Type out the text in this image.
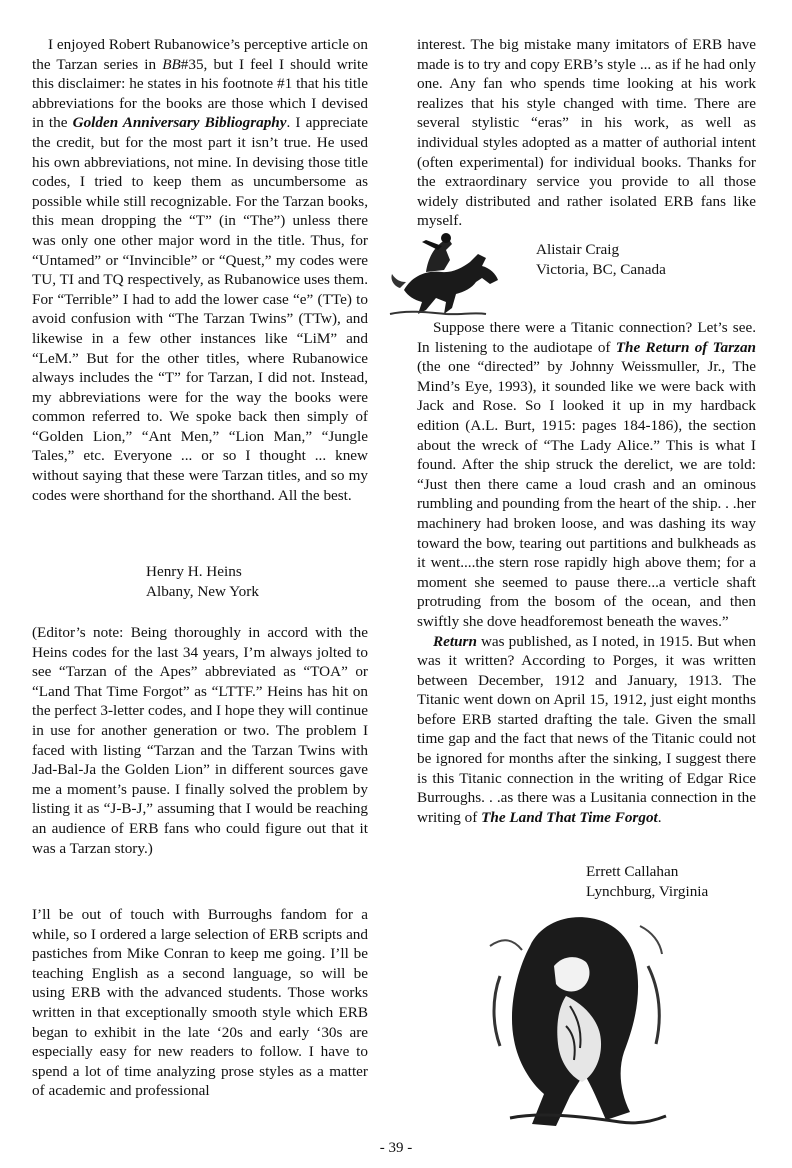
I enjoyed Robert Rubanowice’s perceptive article on the Tarzan series in BB#35, but I feel I should write this disclaimer: he states in his footnote #1 that his title abbreviations for the books are those which I devised in the Golden Anniversary Bibliography. I appreciate the credit, but for the most part it isn’t true. He used his own abbreviations, not mine. In devising those title codes, I tried to keep them as uncumbersome as possible while still recognizable. For the Tarzan books, this mean dropping the “T” (in “The”) unless there was only one other major word in the title. Thus, for “Untamed” or “Invincible” or “Quest,” my codes were TU, TI and TQ respectively, as Rubanowice uses them. For “Terrible” I had to add the lower case “e” (TTe) to avoid confusion with “The Tarzan Twins” (TTw), and likewise in a few other instances like “LiM” and “LeM.” But for the other titles, where Rubanowice always includes the “T” for Tarzan, I did not. Instead, my abbreviations were for the way the books were common referred to. We spoke back then simply of “Golden Lion,” “Ant Men,” “Lion Man,” “Jungle Tales,” etc. Everyone ... or so I thought ... knew without saying that these were Tarzan titles, and so my codes were shorthand for the shorthand. All the best.

Henry H. Heins
Albany, New York

(Editor’s note: Being thoroughly in accord with the Heins codes for the last 34 years, I’m always jolted to see “Tarzan of the Apes” abbreviated as “TOA” or “Land That Time Forgot” as “LTTF.” Heins has hit on the perfect 3-letter codes, and I hope they will continue in use for another generation or two. The problem I faced with listing “Tarzan and the Tarzan Twins with Jad-Bal-Ja the Golden Lion” in different sources gave me a moment’s pause. I finally solved the problem by listing it as “J-B-J,” assuming that I would be reaching an audience of ERB fans who could figure out that it was a Tarzan story.)

I’ll be out of touch with Burroughs fandom for a while, so I ordered a large selection of ERB scripts and pastiches from Mike Conran to keep me going. I’ll be teaching English as a second language, so will be using ERB with the advanced students. Those works written in that exceptionally smooth style which ERB began to exhibit in the late ‘20s and early ‘30s are especially easy for new readers to follow. I have to spend a lot of time analyzing prose styles as a matter of academic and professional

interest. The big mistake many imitators of ERB have made is to try and copy ERB’s style ... as if he had only one. Any fan who spends time looking at his work realizes that his style changed with time. There are several stylistic “eras” in his work, as well as individual styles adopted as a matter of authorial intent (often experimental) for individual books. Thanks for the extraordinary service you provide to all those widely distributed and rather isolated ERB fans like myself.

Alistair Craig
Victoria, BC, Canada

Suppose there were a Titanic connection? Let’s see. In listening to the audiotape of The Return of Tarzan (the one “directed” by Johnny Weissmuller, Jr., The Mind’s Eye, 1993), it sounded like we were back with Jack and Rose. So I looked it up in my hardback edition (A.L. Burt, 1915: pages 184-186), the section about the wreck of “The Lady Alice.” This is what I found. After the ship struck the derelict, we are told: “Just then there came a loud crash and an ominous rumbling and pounding from the heart of the ship. . .her machinery had broken loose, and was dashing its way toward the bow, tearing out partitions and bulkheads as it went....the stern rose rapidly high above them; for a moment she seemed to pause there...a verticle shaft protruding from the bosom of the ocean, and then swiftly she dove headforemost beneath the waves.”

Return was published, as I noted, in 1915. But when was it written? According to Porges, it was written between December, 1912 and January, 1913. The Titanic went down on April 15, 1912, just eight months before ERB started drafting the tale. Given the small time gap and the fact that news of the Titanic could not be ignored for months after the sinking, I suggest there is this Titanic connection in the writing of Edgar Rice Burroughs. . .as there was a Lusitania connection in the writing of The Land That Time Forgot.

Errett Callahan
Lynchburg, Virginia
- 39 -
